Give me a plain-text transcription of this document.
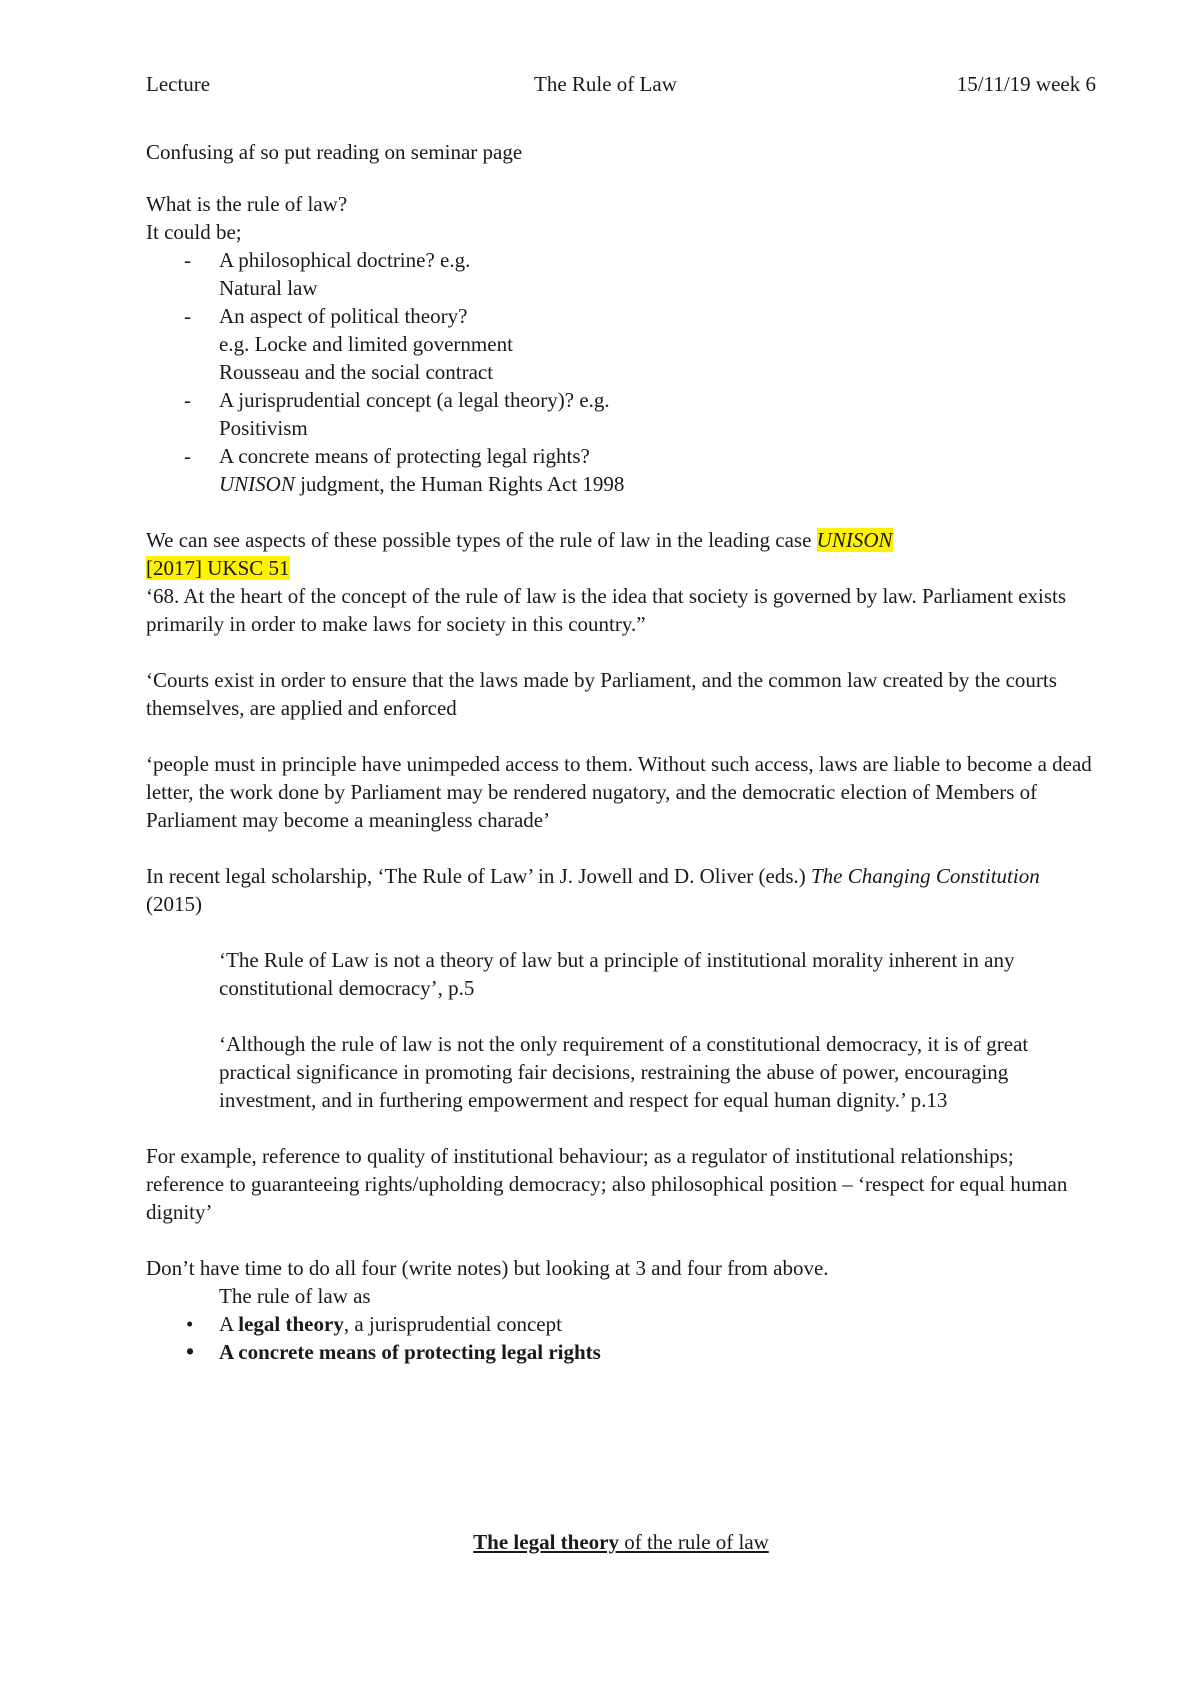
Lecture	The Rule of Law	15/11/19 week 6

Confusing af so put reading on seminar page

What is the rule of law?

It could be;

- A philosophical doctrine? e.g.
Natural law
- An aspect of political theory?
e.g. Locke and limited government
Rousseau and the social contract
- A jurisprudential concept (a legal theory)? e.g.
Positivism
- A concrete means of protecting legal rights?
UNISON judgment, the Human Rights Act 1998

We can see aspects of these possible types of the rule of law in the leading case UNISON
[2017] UKSC 51

‘68. At the heart of the concept of the rule of law is the idea that society is governed by law. Parliament exists primarily in order to make laws for society in this country.”

‘Courts exist in order to ensure that the laws made by Parliament, and the common law created by the courts themselves, are applied and enforced

‘people must in principle have unimpeded access to them. Without such access, laws are liable to become a dead letter, the work done by Parliament may be rendered nugatory, and the democratic election of Members of Parliament may become a meaningless charade’

In recent legal scholarship, ‘The Rule of Law’ in J. Jowell and D. Oliver (eds.) The Changing Constitution (2015)

‘The Rule of Law is not a theory of law but a principle of institutional morality inherent in any constitutional democracy’, p.5

‘Although the rule of law is not the only requirement of a constitutional democracy, it is of great practical significance in promoting fair decisions, restraining the abuse of power, encouraging investment, and in furthering empowerment and respect for equal human dignity.’ p.13

For example, reference to quality of institutional behaviour; as a regulator of institutional relationships; reference to guaranteeing rights/upholding democracy; also philosophical position – ‘respect for equal human dignity’

Don’t have time to do all four (write notes) but looking at 3 and four from above.

The rule of law as

• A legal theory, a jurisprudential concept
• A concrete means of protecting legal rights
The legal theory of the rule of law
